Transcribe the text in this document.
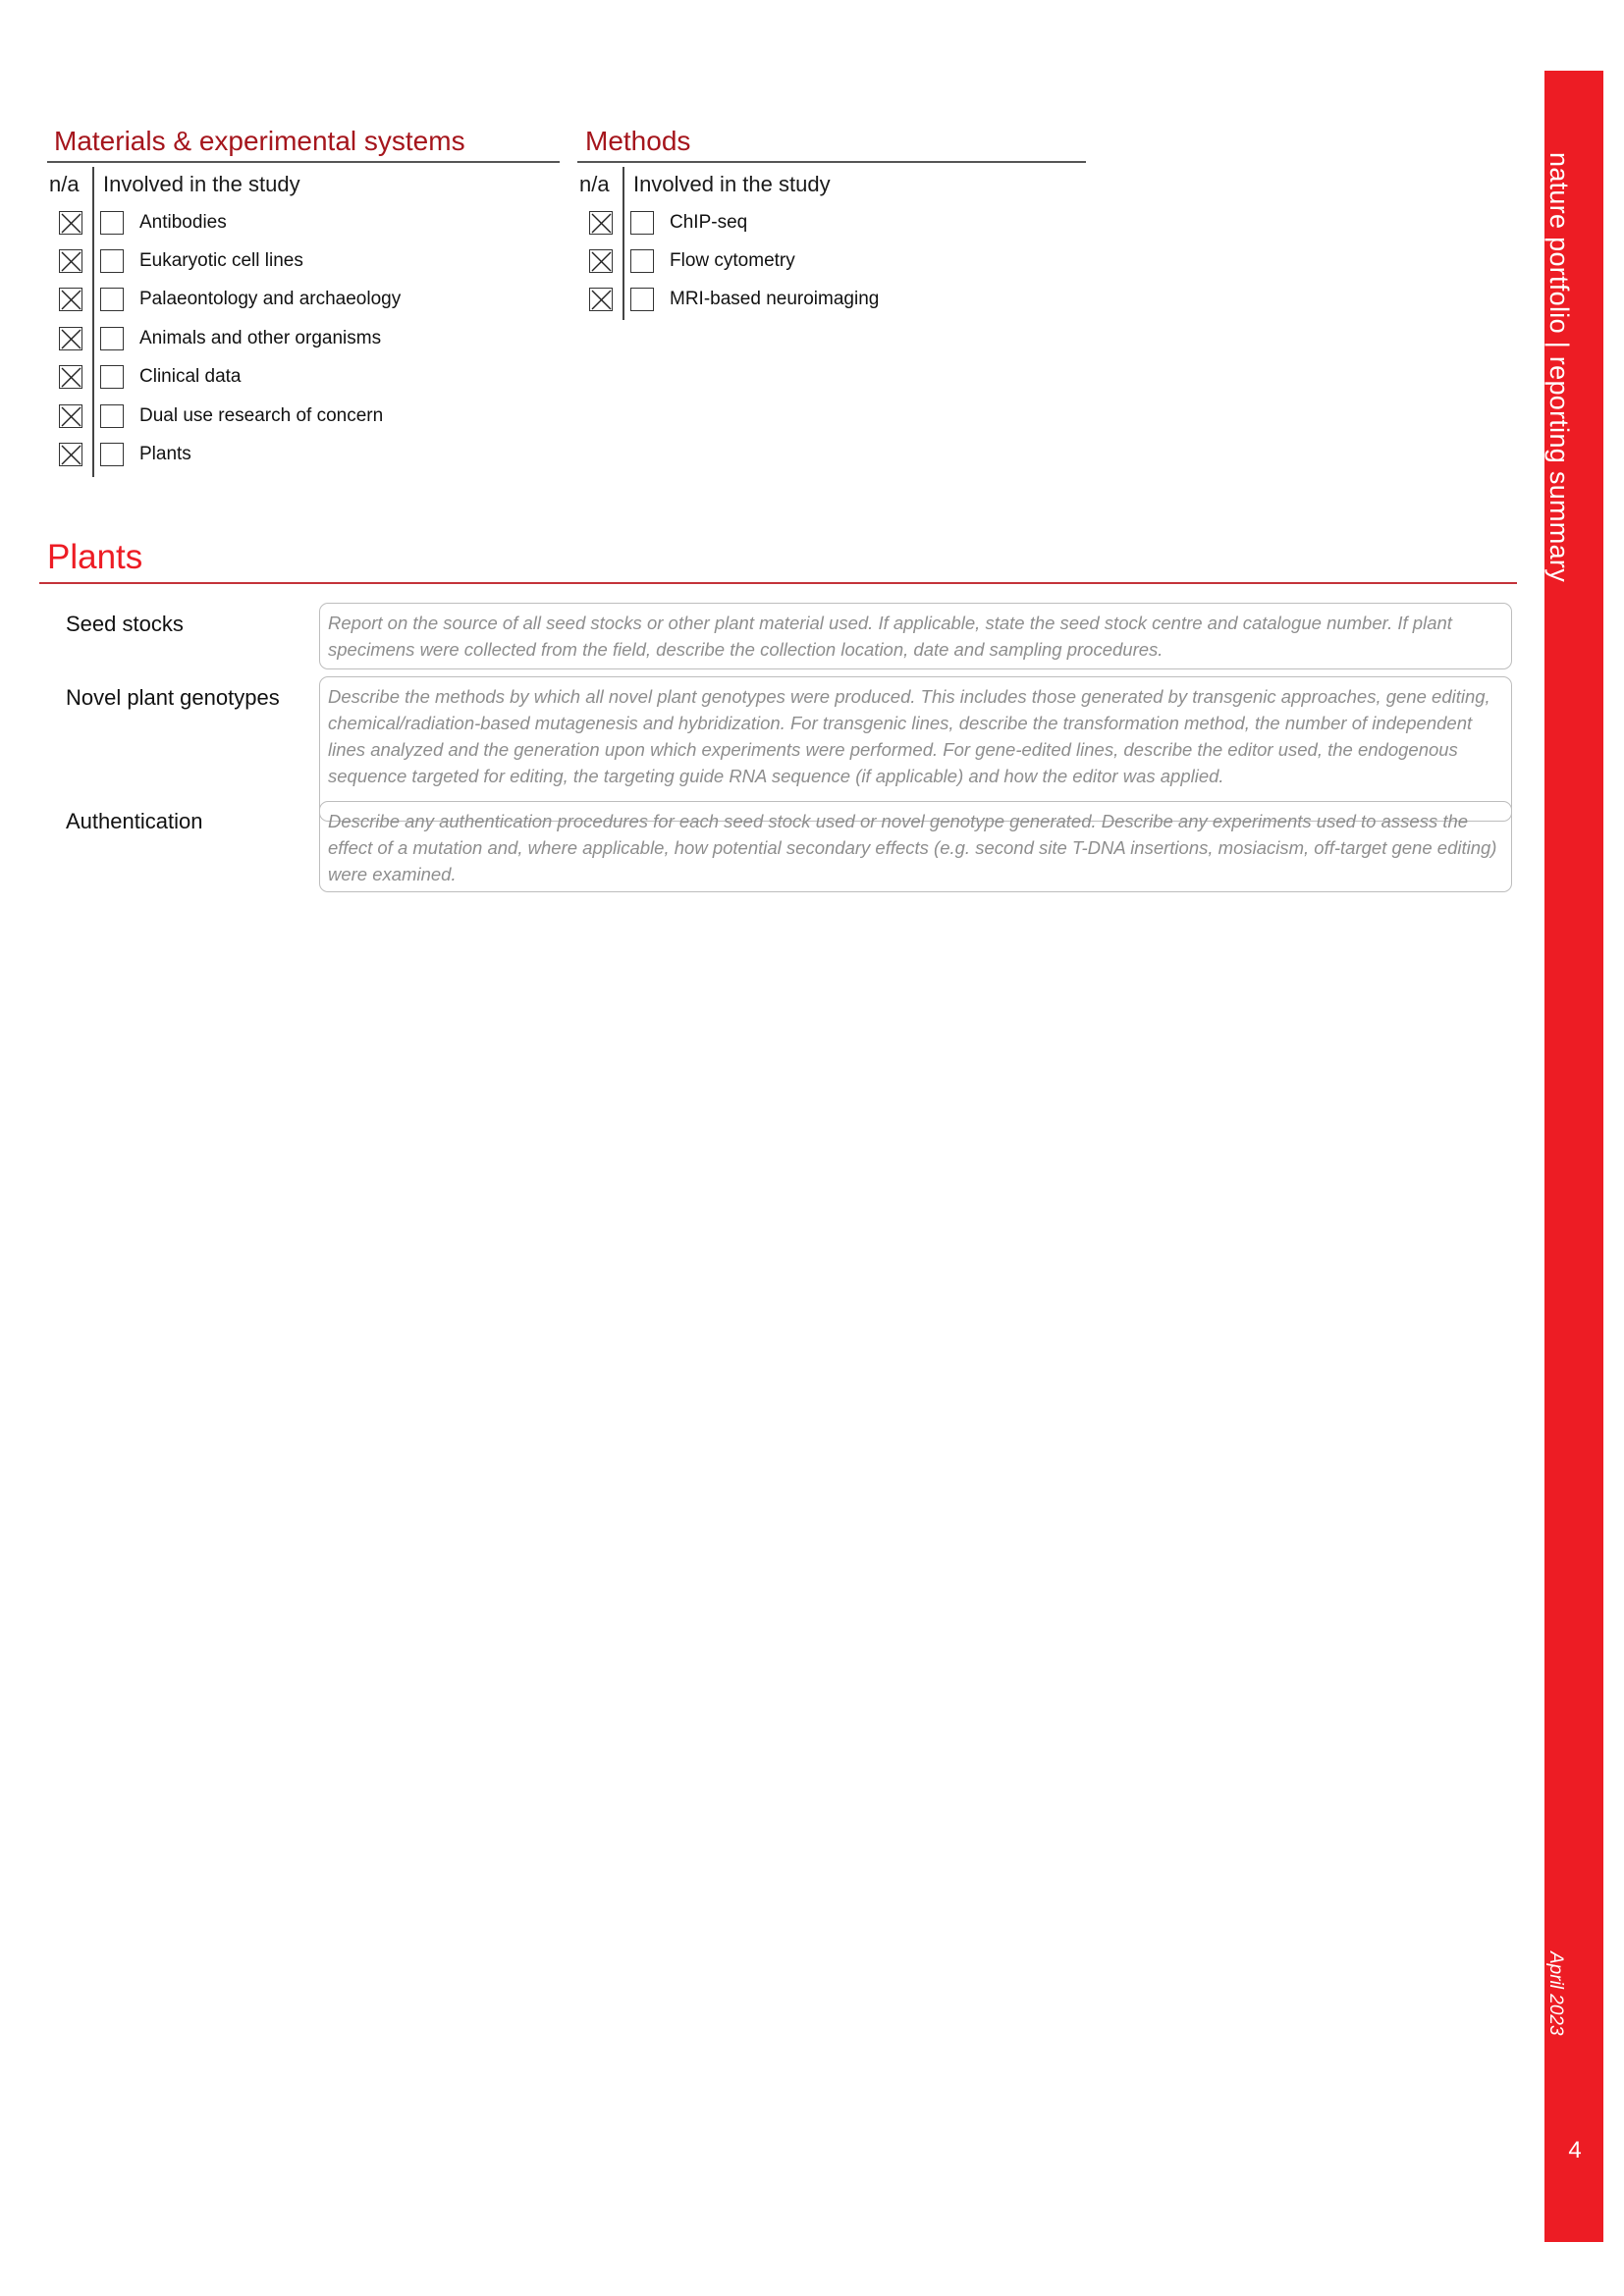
nature portfolio | reporting summary
April 2023
4
Materials & experimental systems
n/a Involved in the study
Antibodies
Eukaryotic cell lines
Palaeontology and archaeology
Animals and other organisms
Clinical data
Dual use research of concern
Plants
Methods
n/a Involved in the study
ChIP-seq
Flow cytometry
MRI-based neuroimaging
Plants
Seed stocks	Report on the source of all seed stocks or other plant material used. If applicable, state the seed stock centre and catalogue number. If plant specimens were collected from the field, describe the collection location, date and sampling procedures.
Novel plant genotypes	Describe the methods by which all novel plant genotypes were produced. This includes those generated by transgenic approaches, gene editing, chemical/radiation-based mutagenesis and hybridization. For transgenic lines, describe the transformation method, the number of independent lines analyzed and the generation upon which experiments were performed. For gene-edited lines, describe the editor used, the endogenous sequence targeted for editing, the targeting guide RNA sequence (if applicable) and how the editor was applied.
Authentication	Describe any authentication procedures for each seed stock used or novel genotype generated. Describe any experiments used to assess the effect of a mutation and, where applicable, how potential secondary effects (e.g. second site T-DNA insertions, mosiacism, off-target gene editing) were examined.
